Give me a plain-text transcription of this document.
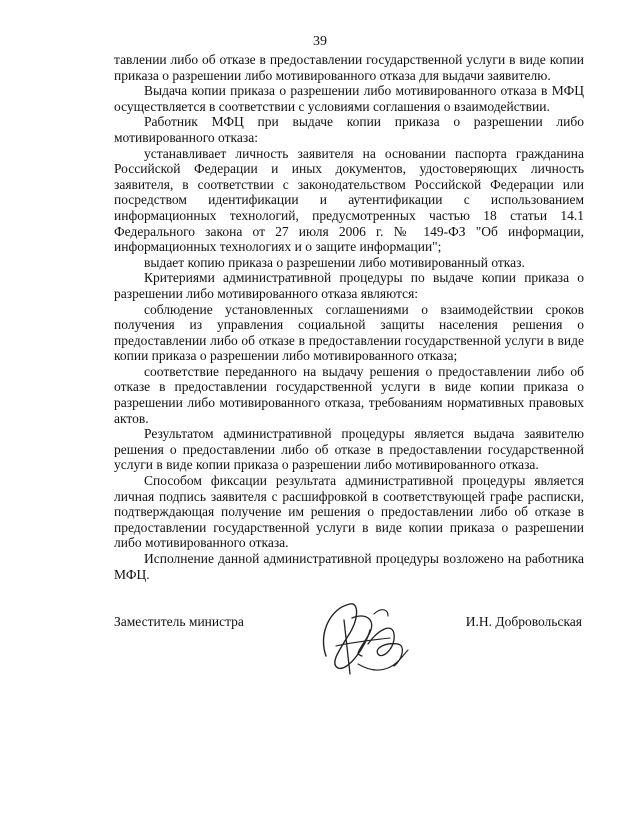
39

тавлении либо об отказе в предоставлении государственной услуги в виде копии приказа о разрешении либо мотивированного отказа для выдачи заявителю.

Выдача копии приказа о разрешении либо мотивированного отказа в МФЦ осуществляется в соответствии с условиями соглашения о взаимодействии.

Работник МФЦ при выдаче копии приказа о разрешении либо мотивированного отказа:

устанавливает личность заявителя на основании паспорта гражданина Российской Федерации и иных документов, удостоверяющих личность заявителя, в соответствии с законодательством Российской Федерации или посредством идентификации и аутентификации с использованием информационных технологий, предусмотренных частью 18 статьи 14.1 Федерального закона от 27 июля 2006 г. № 149-ФЗ "Об информации, информационных технологиях и о защите информации";

выдает копию приказа о разрешении либо мотивированный отказ.

Критериями административной процедуры по выдаче копии приказа о разрешении либо мотивированного отказа являются:

соблюдение установленных соглашениями о взаимодействии сроков получения из управления социальной защиты населения решения о предоставлении либо об отказе в предоставлении государственной услуги в виде копии приказа о разрешении либо мотивированного отказа;

соответствие переданного на выдачу решения о предоставлении либо об отказе в предоставлении государственной услуги в виде копии приказа о разрешении либо мотивированного отказа, требованиям нормативных правовых актов.

Результатом административной процедуры является выдача заявителю решения о предоставлении либо об отказе в предоставлении государственной услуги в виде копии приказа о разрешении либо мотивированного отказа.

Способом фиксации результата административной процедуры является личная подпись заявителя с расшифровкой в соответствующей графе расписки, подтверждающая получение им решения о предоставлении либо об отказе в предоставлении государственной услуги в виде копии приказа о разрешении либо мотивированного отказа.

Исполнение данной административной процедуры возложено на работника МФЦ.

Заместитель министра	И.Н. Добровольская
